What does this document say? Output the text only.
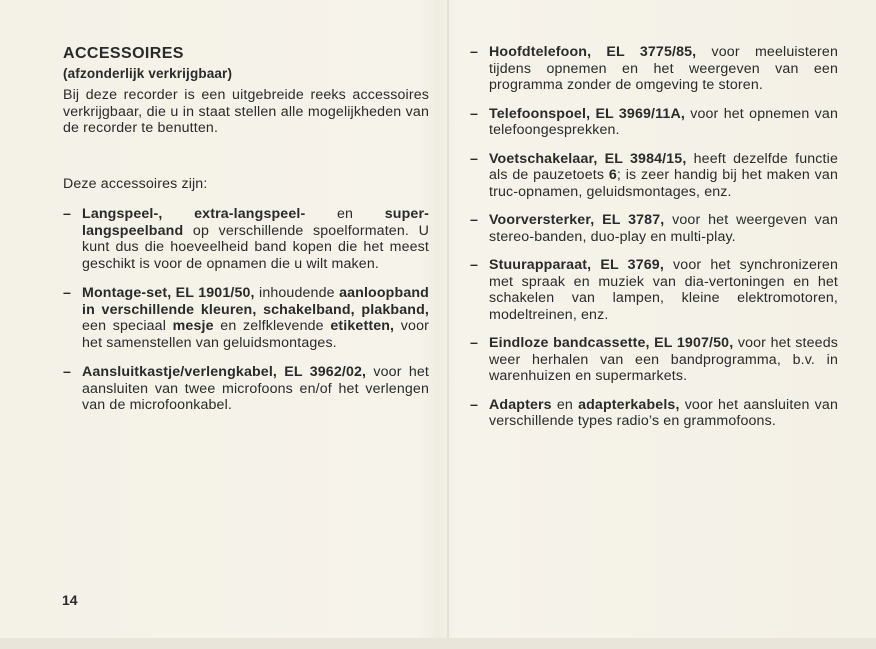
ACCESSOIRES
(afzonderlijk verkrijgbaar)

Bij deze recorder is een uitgebreide reeks accessoires verkrijgbaar, die u in staat stellen alle mogelijkheden van de recorder te benutten.

Deze accessoires zijn:

– Langspeel-, extra-langspeel- en super-langspeelband op verschillende spoelformaten. U kunt dus die hoeveelheid band kopen die het meest geschikt is voor de opnamen die u wilt maken.
– Montage-set, EL 1901/50, inhoudende aanloopband in verschillende kleuren, schakelband, plakband, een speciaal mesje en zelfklevende etiketten, voor het samenstellen van geluidsmontages.
– Aansluitkastje/verlengkabel, EL 3962/02, voor het aansluiten van twee microfoons en/of het verlengen van de microfoonkabel.
– Hoofdtelefoon, EL 3775/85, voor meeluisteren tijdens opnemen en het weergeven van een programma zonder de omgeving te storen.
– Telefoonspoel, EL 3969/11A, voor het opnemen van telefoongesprekken.
– Voetschakelaar, EL 3984/15, heeft dezelfde functie als de pauzetoets 6; is zeer handig bij het maken van truc-opnamen, geluidsmontages, enz.
– Voorversterker, EL 3787, voor het weergeven van stereo-banden, duo-play en multi-play.
– Stuurapparaat, EL 3769, voor het synchronizeren met spraak en muziek van dia-vertoningen en het schakelen van lampen, kleine elektromotoren, modeltreinen, enz.
– Eindloze bandcassette, EL 1907/50, voor het steeds weer herhalen van een bandprogramma, b.v. in warenhuizen en supermarkets.
– Adapters en adapterkabels, voor het aansluiten van verschillende types radio’s en grammofoons.
14
